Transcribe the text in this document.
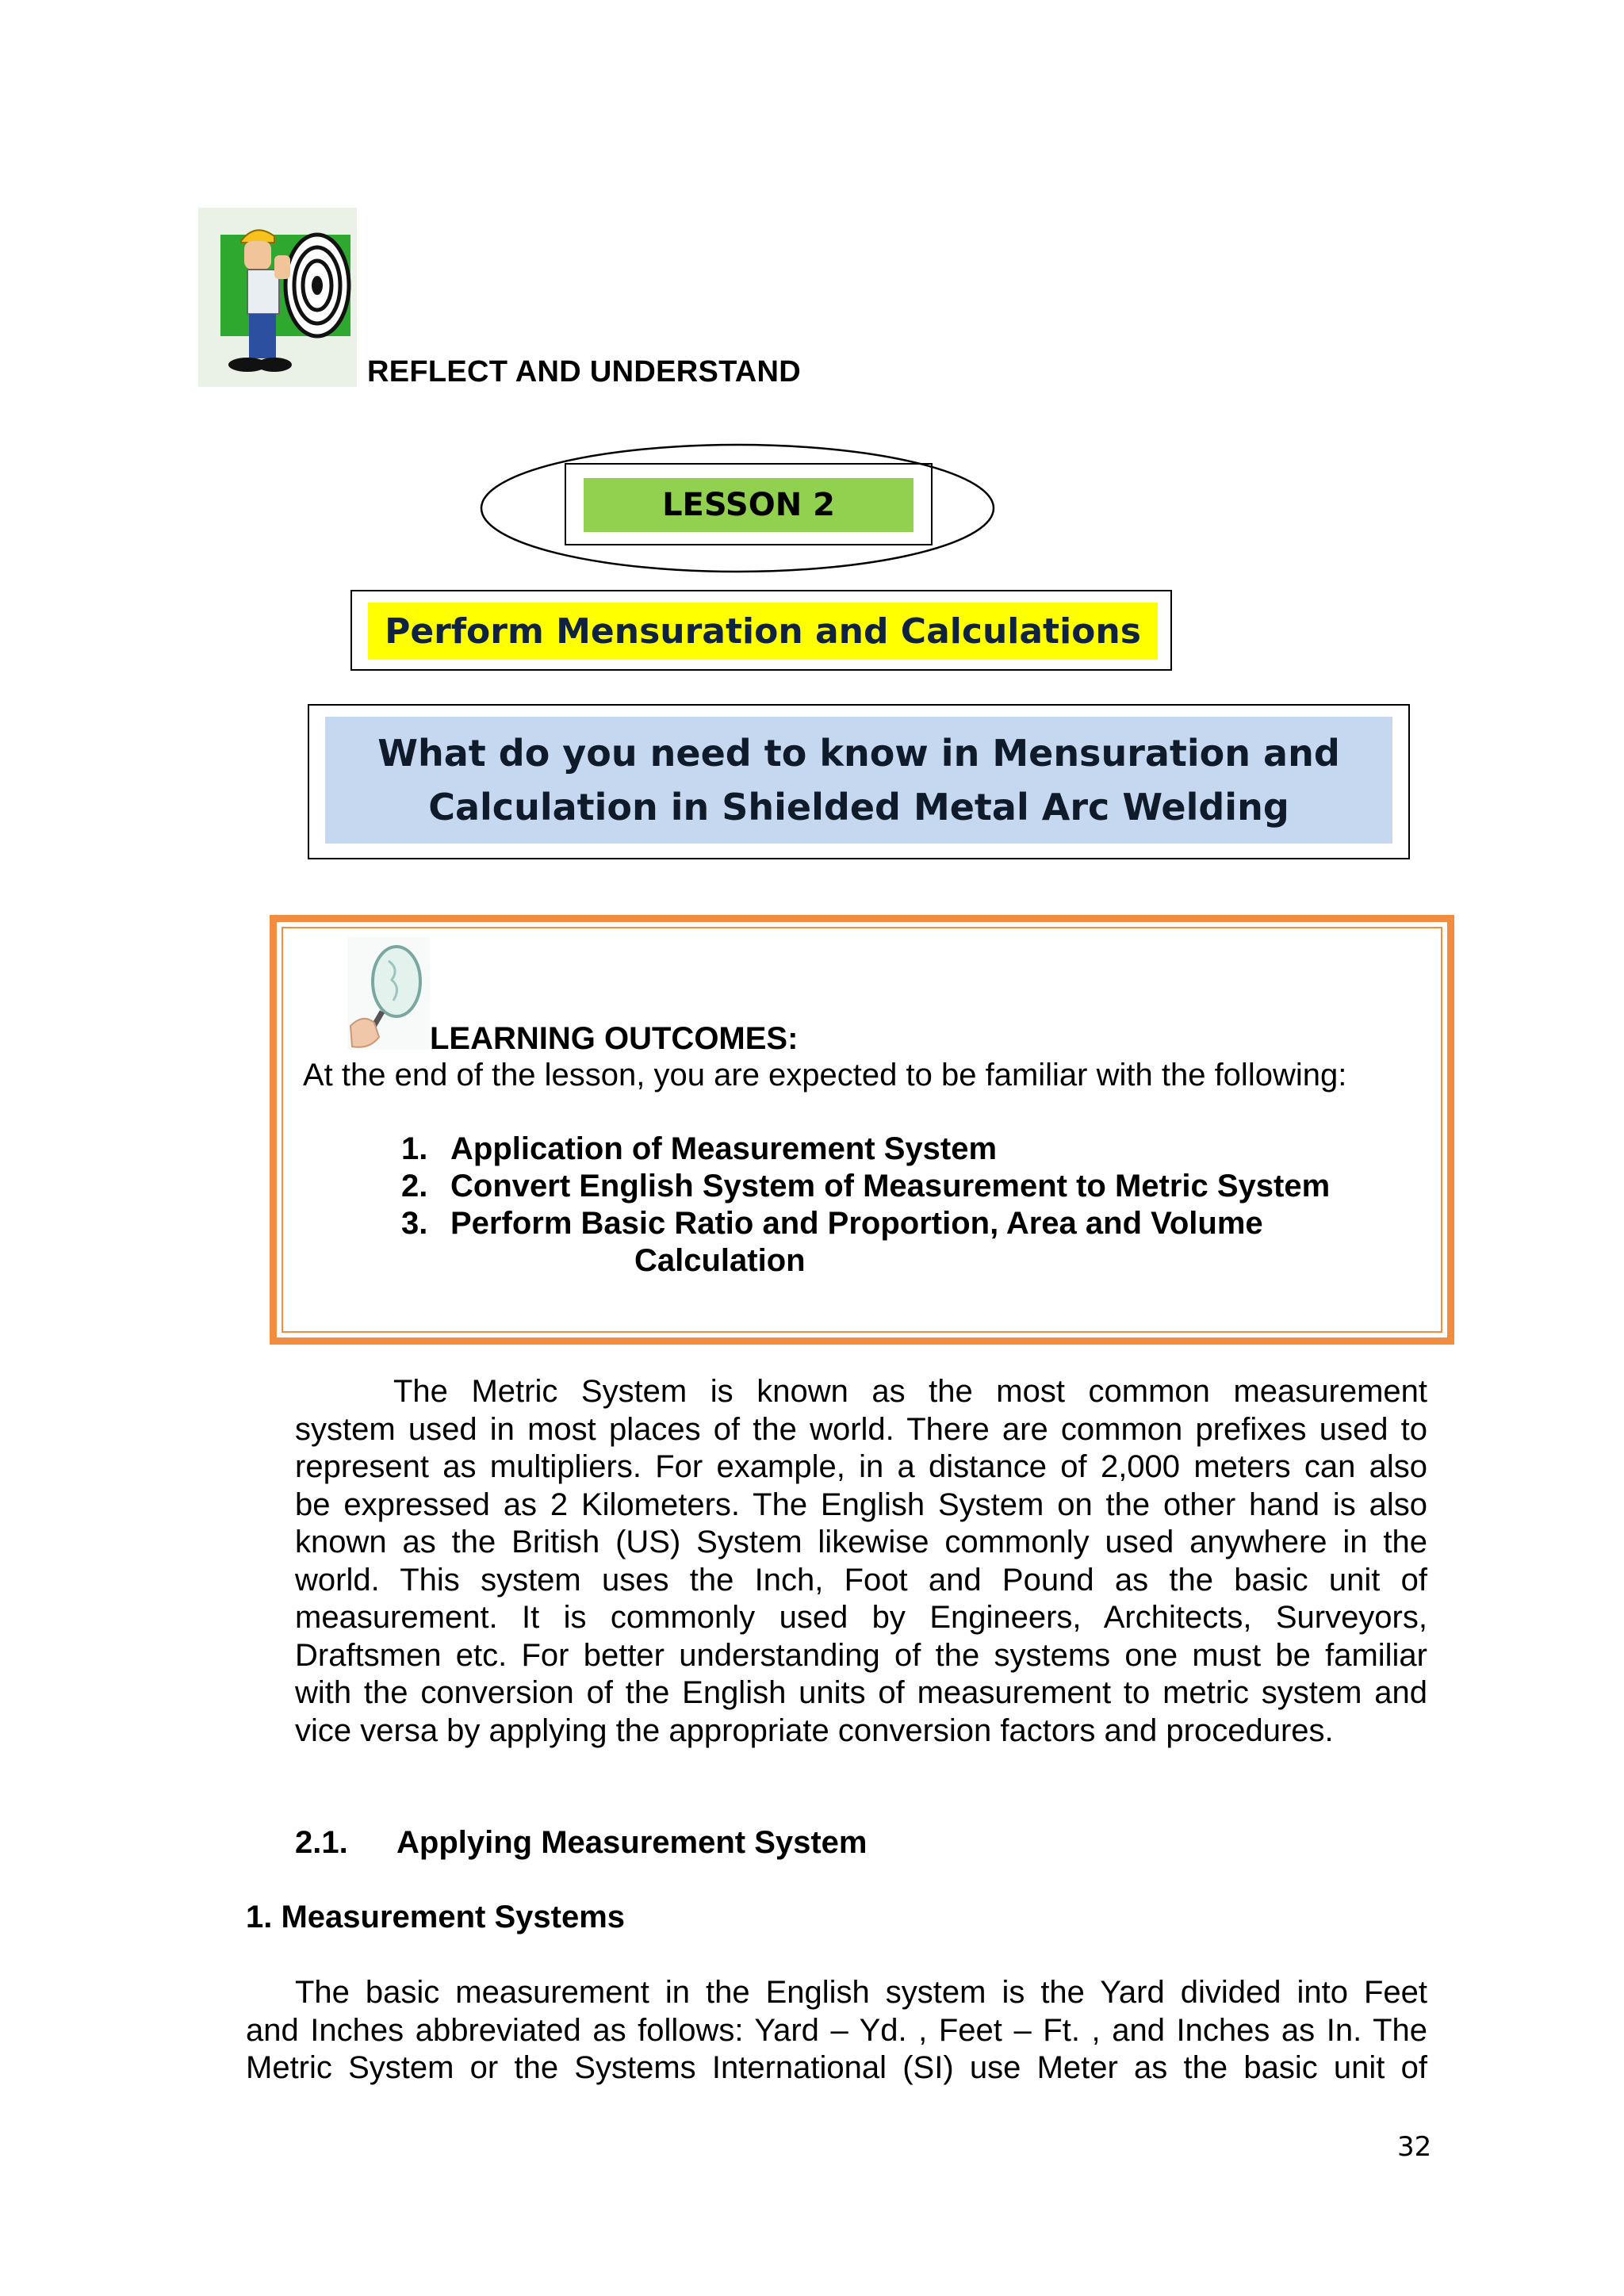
REFLECT AND UNDERSTAND
LESSON 2
Perform Mensuration and Calculations
What do you need to know in Mensuration and
Calculation in Shielded Metal Arc Welding
LEARNING OUTCOMES:
At the end of the lesson, you are expected to be familiar with the following:
1. Application of Measurement System
2. Convert English System of Measurement to Metric System
3. Perform Basic Ratio and Proportion, Area and Volume
Calculation
The Metric System is known as the most common measurement
system used in most places of the world. There are common prefixes used to
represent as multipliers. For example, in a distance of 2,000 meters can also
be expressed as 2 Kilometers. The English System on the other hand is also
known as the British (US) System likewise commonly used anywhere in the
world. This system uses the Inch, Foot and Pound as the basic unit of
measurement. It is commonly used by Engineers, Architects, Surveyors,
Draftsmen etc. For better understanding of the systems one must be familiar
with the conversion of the English units of measurement to metric system and
vice versa by applying the appropriate conversion factors and procedures.
2.1. Applying Measurement System
1. Measurement Systems
The basic measurement in the English system is the Yard divided into Feet
and Inches abbreviated as follows: Yard – Yd. , Feet – Ft. , and Inches as In. The
Metric System or the Systems International (SI) use Meter as the basic unit of
32
